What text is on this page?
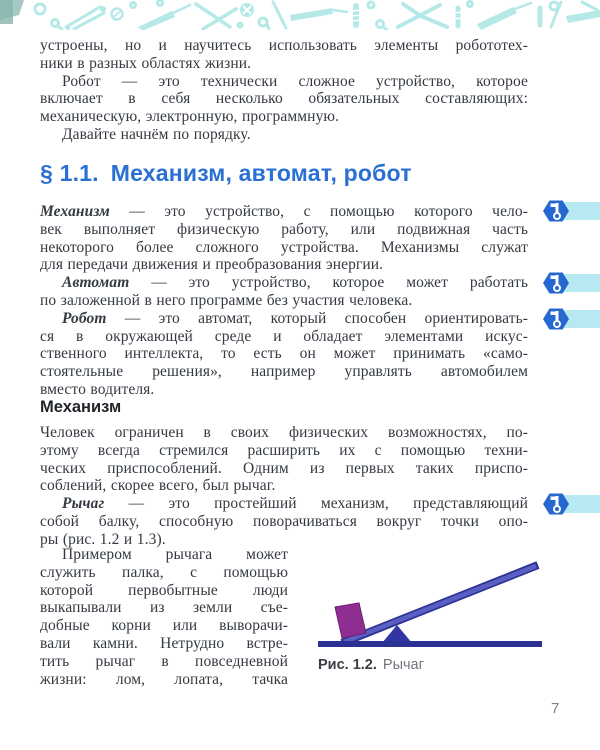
устроены, но и научитесь использовать элементы робототех-
ники в разных областях жизни.
Робот — это технически сложное устройство, которое
включает в себя несколько обязательных составляющих:
механическую, электронную, программную.
Давайте начнём по порядку.
§ 1.1. Механизм, автомат, робот
Механизм — это устройство, с помощью которого чело-
век выполняет физическую работу, или подвижная часть
некоторого более сложного устройства. Механизмы служат
для передачи движения и преобразования энергии.
Автомат — это устройство, которое может работать
по заложенной в него программе без участия человека.
Робот — это автомат, который способен ориентировать-
ся в окружающей среде и обладает элементами искус-
ственного интеллекта, то есть он может принимать «само-
стоятельные решения», например управлять автомобилем
вместо водителя.
Механизм
Человек ограничен в своих физических возможностях, по-
этому всегда стремился расширить их с помощью техни-
ческих приспособлений. Одним из первых таких приспо-
соблений, скорее всего, был рычаг.
Рычаг — это простейший механизм, представляющий
собой балку, способную поворачиваться вокруг точки опо-
ры (рис. 1.2 и 1.3).
Примером рычага может
служить палка, с помощью
которой первобытные люди
выкапывали из земли съе-
добные корни или выворачи-
вали камни. Нетрудно встре-
тить рычаг в повседневной
жизни: лом, лопата, тачка
Рис. 1.2. Рычаг
7
